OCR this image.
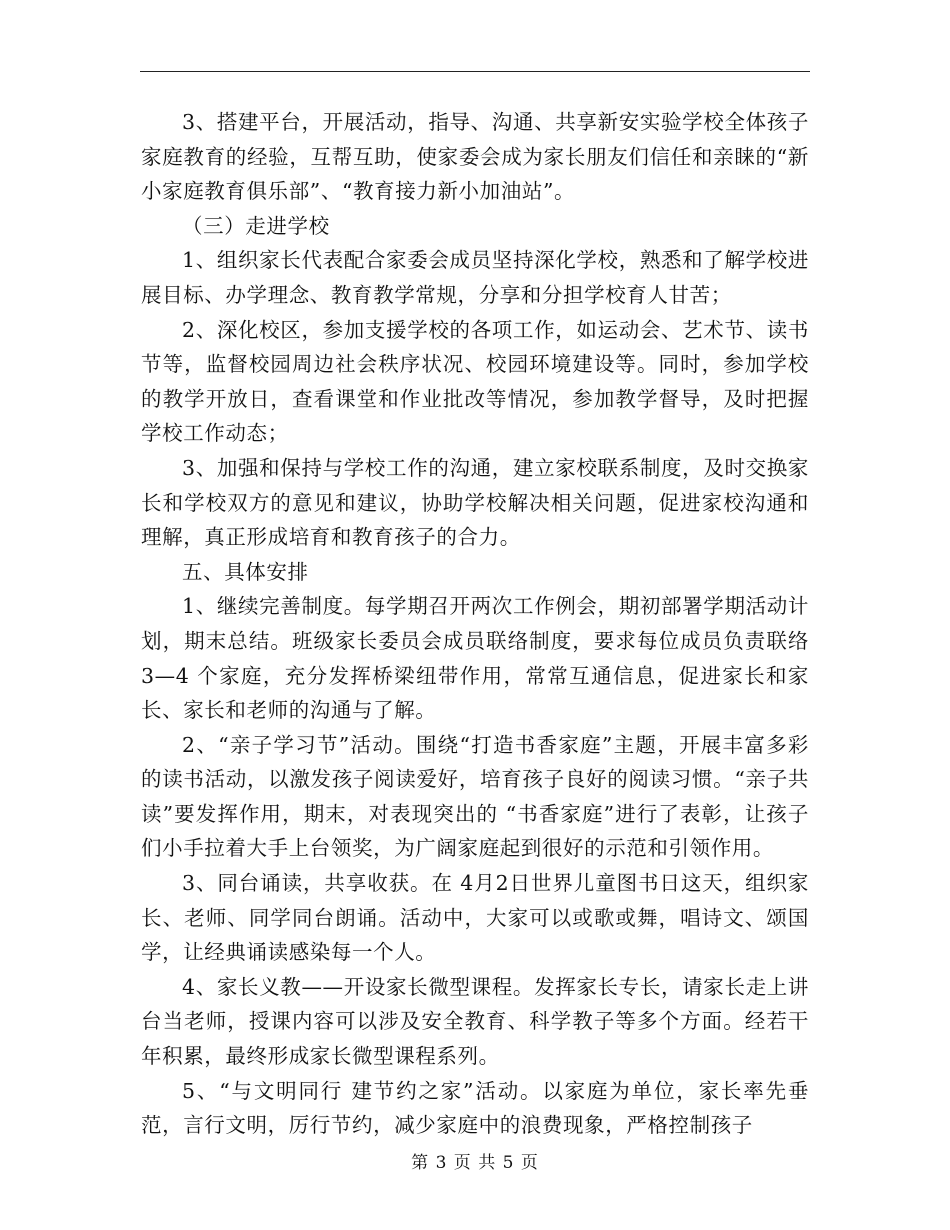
3、搭建平台，开展活动，指导、沟通、共享新安实验学校全体孩子家庭教育的经验，互帮互助，使家委会成为家长朋友们信任和亲睐的“新小家庭教育俱乐部”、“教育接力新小加油站”。

（三）走进学校

1、组织家长代表配合家委会成员坚持深化学校，熟悉和了解学校进展目标、办学理念、教育教学常规，分享和分担学校育人甘苦；

2、深化校区，参加支援学校的各项工作，如运动会、艺术节、读书节等，监督校园周边社会秩序状况、校园环境建设等。同时，参加学校的教学开放日，查看课堂和作业批改等情况，参加教学督导，及时把握学校工作动态；

3、加强和保持与学校工作的沟通，建立家校联系制度，及时交换家长和学校双方的意见和建议，协助学校解决相关问题，促进家校沟通和理解，真正形成培育和教育孩子的合力。

五、具体安排

1、继续完善制度。每学期召开两次工作例会，期初部署学期活动计划，期末总结。班级家长委员会成员联络制度，要求每位成员负责联络 3—4 个家庭，充分发挥桥梁纽带作用，常常互通信息，促进家长和家长、家长和老师的沟通与了解。

2、“亲子学习节”活动。围绕“打造书香家庭”主题，开展丰富多彩的读书活动，以激发孩子阅读爱好，培育孩子良好的阅读习惯。“亲子共读”要发挥作用，期末，对表现突出的 “书香家庭”进行了表彰，让孩子们小手拉着大手上台领奖，为广阔家庭起到很好的示范和引领作用。

3、同台诵读，共享收获。在 4月2日世界儿童图书日这天，组织家长、老师、同学同台朗诵。活动中，大家可以或歌或舞，唱诗文、颂国学，让经典诵读感染每一个人。

4、家长义教——开设家长微型课程。发挥家长专长，请家长走上讲台当老师，授课内容可以涉及安全教育、科学教子等多个方面。经若干年积累，最终形成家长微型课程系列。

5、“与文明同行 建节约之家”活动。以家庭为单位，家长率先垂范，言行文明，厉行节约，减少家庭中的浪费现象，严格控制孩子

第 3 页 共 5 页
